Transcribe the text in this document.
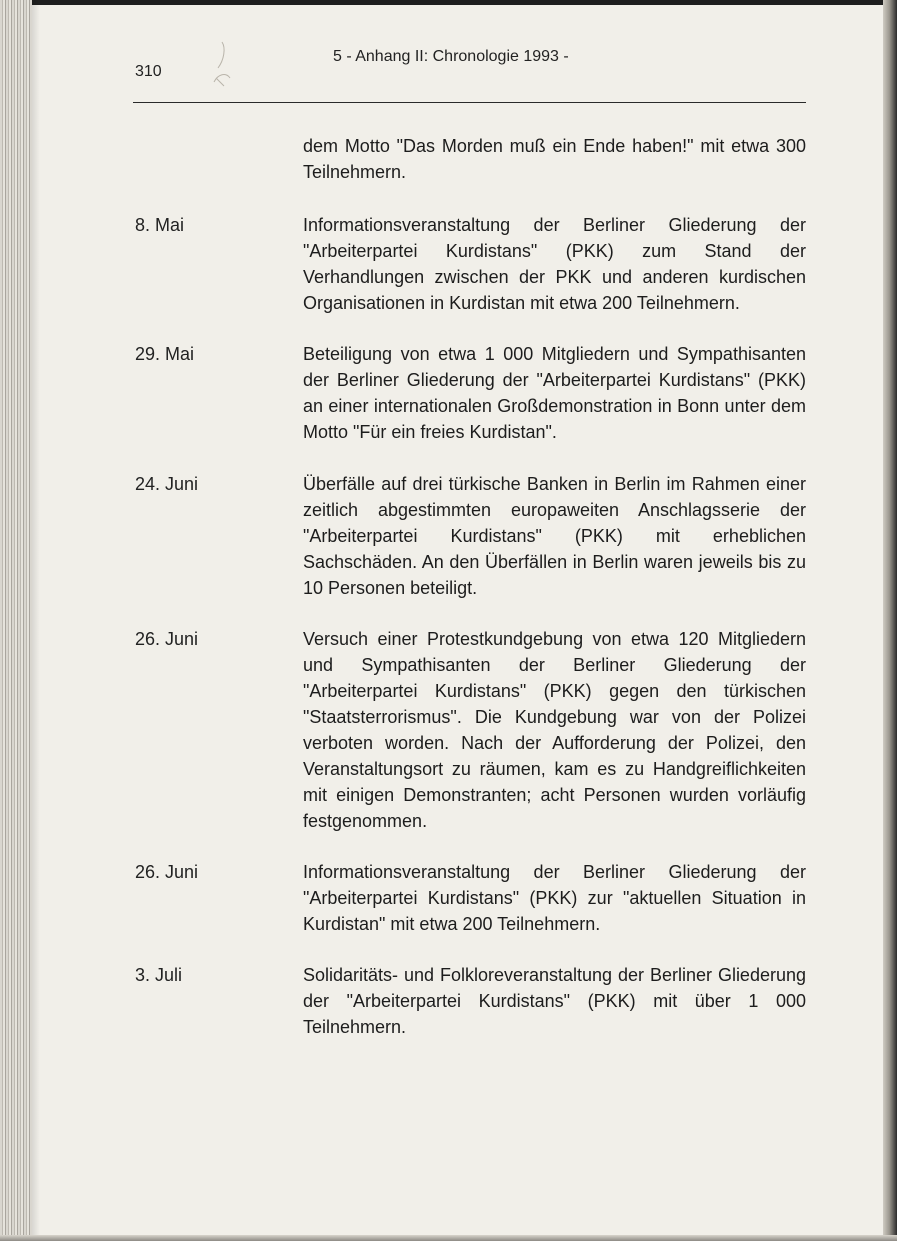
310
5 - Anhang II: Chronologie 1993 -
dem Motto "Das Morden muß ein Ende haben!" mit etwa 300 Teilnehmern.
8. Mai	Informationsveranstaltung der Berliner Gliederung der "Arbeiterpartei Kurdistans" (PKK) zum Stand der Verhandlungen zwischen der PKK und anderen kurdischen Organisationen in Kurdistan mit etwa 200 Teilnehmern.
29. Mai	Beteiligung von etwa 1 000 Mitgliedern und Sympathisanten der Berliner Gliederung der "Arbeiterpartei Kurdistans" (PKK) an einer internationalen Großdemonstration in Bonn unter dem Motto "Für ein freies Kurdistan".
24. Juni	Überfälle auf drei türkische Banken in Berlin im Rahmen einer zeitlich abgestimmten europaweiten Anschlagsserie der "Arbeiterpartei Kurdistans" (PKK) mit erheblichen Sachschäden. An den Überfällen in Berlin waren jeweils bis zu 10 Personen beteiligt.
26. Juni	Versuch einer Protestkundgebung von etwa 120 Mitgliedern und Sympathisanten der Berliner Gliederung der "Arbeiterpartei Kurdistans" (PKK) gegen den türkischen "Staatsterrorismus". Die Kundgebung war von der Polizei verboten worden. Nach der Aufforderung der Polizei, den Veranstaltungsort zu räumen, kam es zu Handgreiflichkeiten mit einigen Demonstranten; acht Personen wurden vorläufig festgenommen.
26. Juni	Informationsveranstaltung der Berliner Gliederung der "Arbeiterpartei Kurdistans" (PKK) zur "aktuellen Situation in Kurdistan" mit etwa 200 Teilnehmern.
3. Juli	Solidaritäts- und Folkloreveranstaltung der Berliner Gliederung der "Arbeiterpartei Kurdistans" (PKK) mit über 1 000 Teilnehmern.
